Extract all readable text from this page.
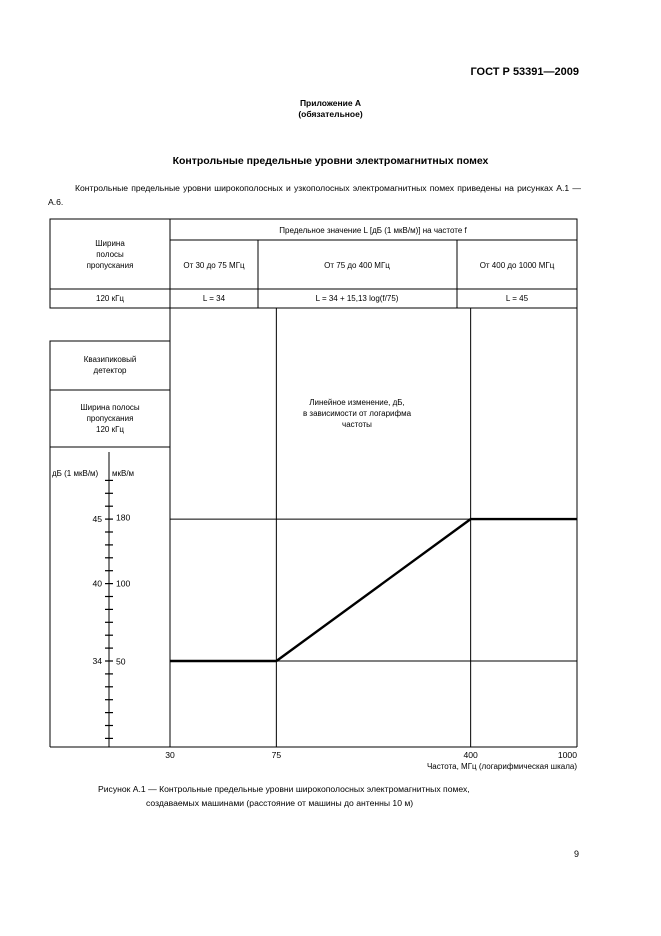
ГОСТ Р 53391—2009
Приложение А
(обязательное)
Контрольные предельные уровни электромагнитных помех
Контрольные предельные уровни широкополосных и узкополосных электромагнитных помех приведены на рисунках А.1 — А.6.
34
40
45
50
100
180
30	75	400	1000
Ширина
полосы
пропускания
Предельное значение L [дБ (1 мкВ/м)] на частоте f
От 30 до 75 МГц	От 75 до 400 МГц	От 400 до 1000 МГц
120 кГц	L = 34	L = 34 + 15,13 log(f/75)	L = 45
Квазипиковый
детектор
Ширина полосы
пропускания
120 кГц
дБ (1 мкВ/м) мкВ/м
Линейное изменение, дБ,
в зависимости от логарифма
частоты
Частота, МГц (логарифмическая шкала)
Рисунок А.1 — Контрольные предельные уровни широкополосных электромагнитных помех,
создаваемых машинами (расстояние от машины до антенны 10 м)
9
